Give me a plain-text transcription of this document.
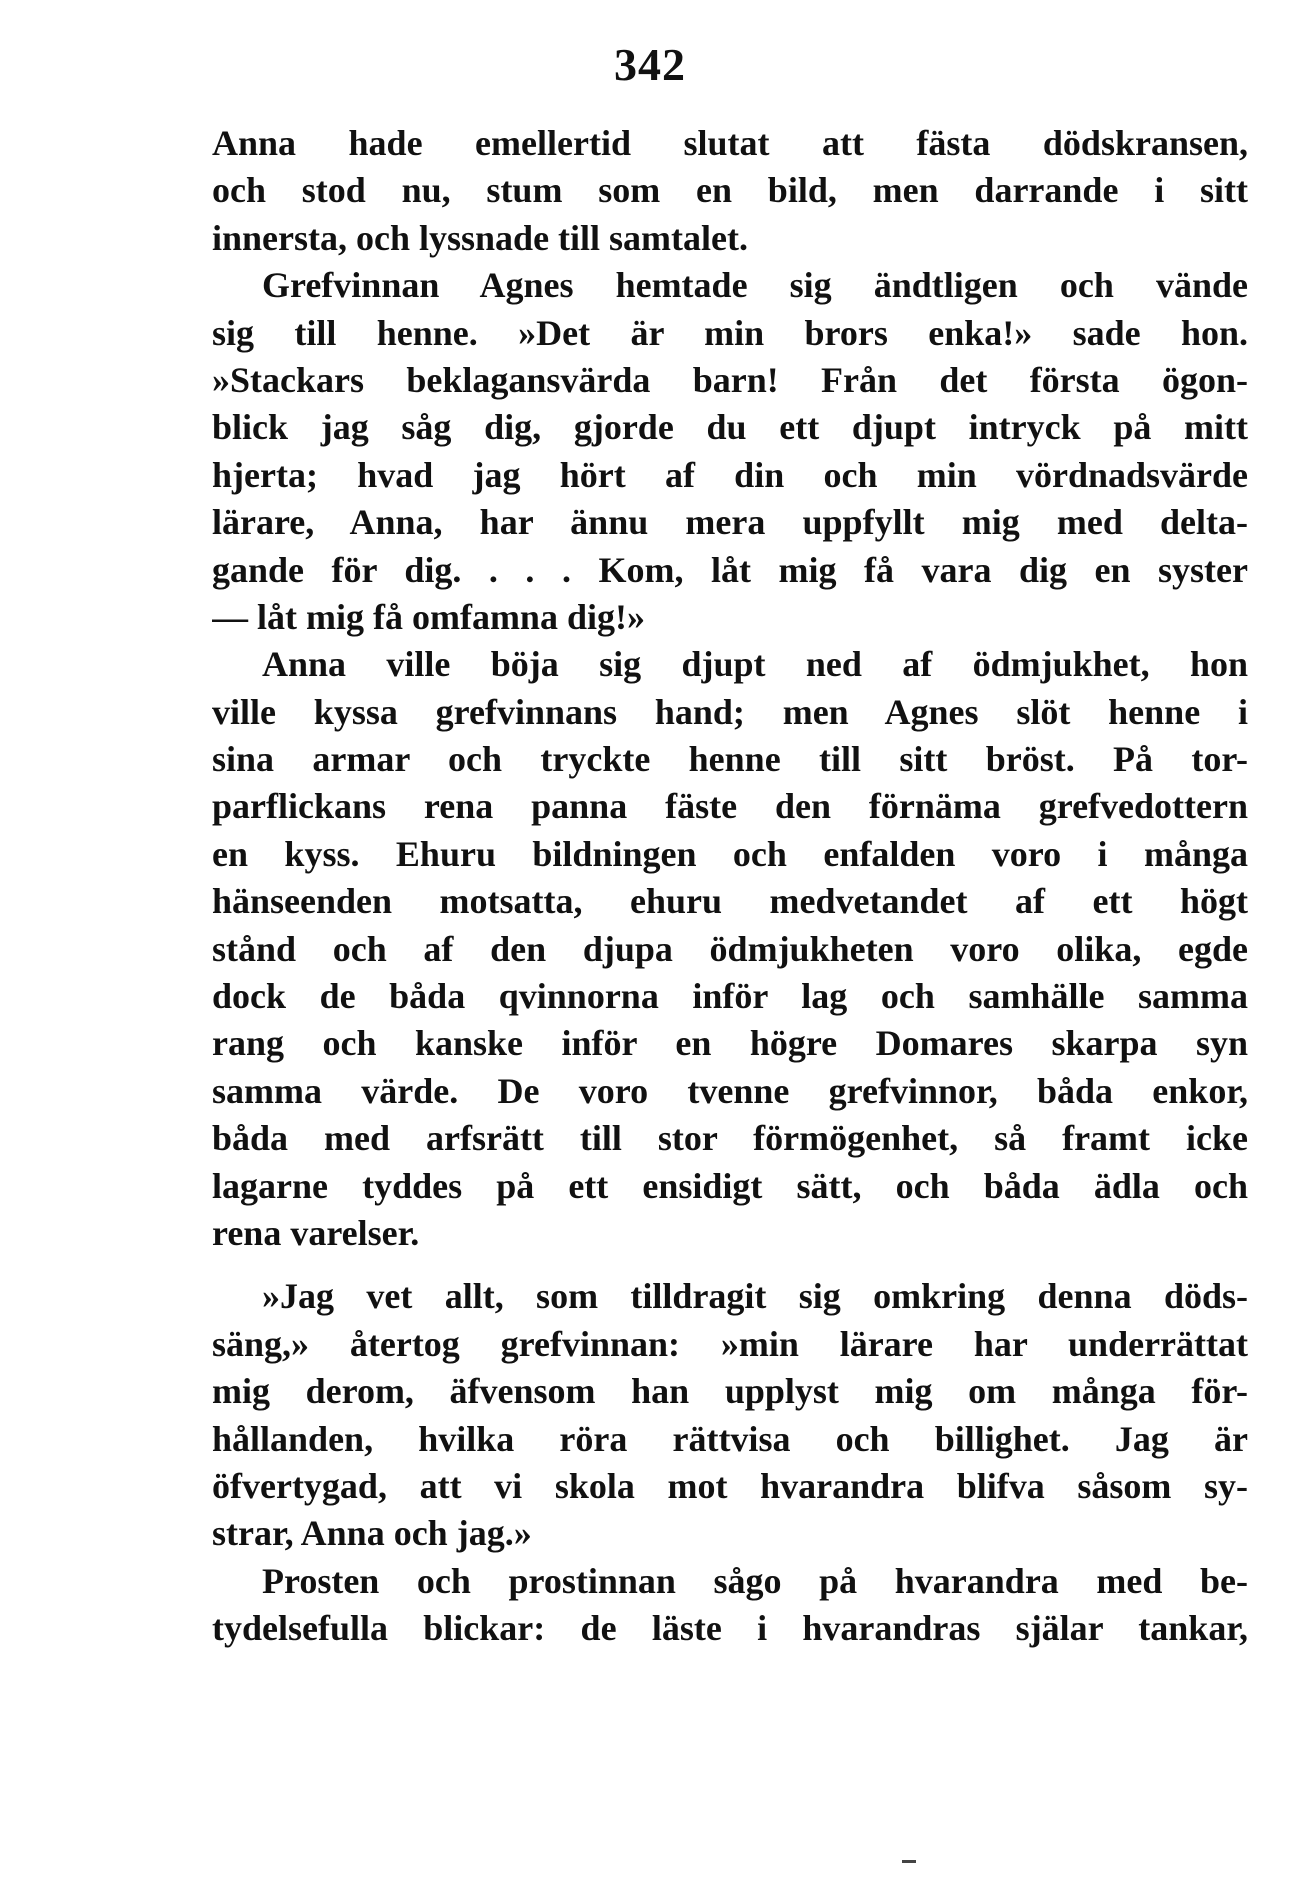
342
Anna hade emellertid slutat att fästa dödskransen,
och stod nu, stum som en bild, men darrande i sitt
innersta, och lyssnade till samtalet.
Grefvinnan Agnes hemtade sig ändtligen och vände
sig till henne. »Det är min brors enka!» sade hon.
»Stackars beklagansvärda barn! Från det första ögon-
blick jag såg dig, gjorde du ett djupt intryck på mitt
hjerta; hvad jag hört af din och min vördnadsvärde
lärare, Anna, har ännu mera uppfyllt mig med delta-
gande för dig. . . . Kom, låt mig få vara dig en syster
— låt mig få omfamna dig!»
Anna ville böja sig djupt ned af ödmjukhet, hon
ville kyssa grefvinnans hand; men Agnes slöt henne i
sina armar och tryckte henne till sitt bröst. På tor-
parflickans rena panna fäste den förnäma grefvedottern
en kyss. Ehuru bildningen och enfalden voro i många
hänseenden motsatta, ehuru medvetandet af ett högt
stånd och af den djupa ödmjukheten voro olika, egde
dock de båda qvinnorna inför lag och samhälle samma
rang och kanske inför en högre Domares skarpa syn
samma värde. De voro tvenne grefvinnor, båda enkor,
båda med arfsrätt till stor förmögenhet, så framt icke
lagarne tyddes på ett ensidigt sätt, och båda ädla och
rena varelser.
»Jag vet allt, som tilldragit sig omkring denna döds-
säng,» återtog grefvinnan: »min lärare har underrättat
mig derom, äfvensom han upplyst mig om många för-
hållanden, hvilka röra rättvisa och billighet. Jag är
öfvertygad, att vi skola mot hvarandra blifva såsom sy-
strar, Anna och jag.»
Prosten och prostinnan sågo på hvarandra med be-
tydelsefulla blickar: de läste i hvarandras själar tankar,
